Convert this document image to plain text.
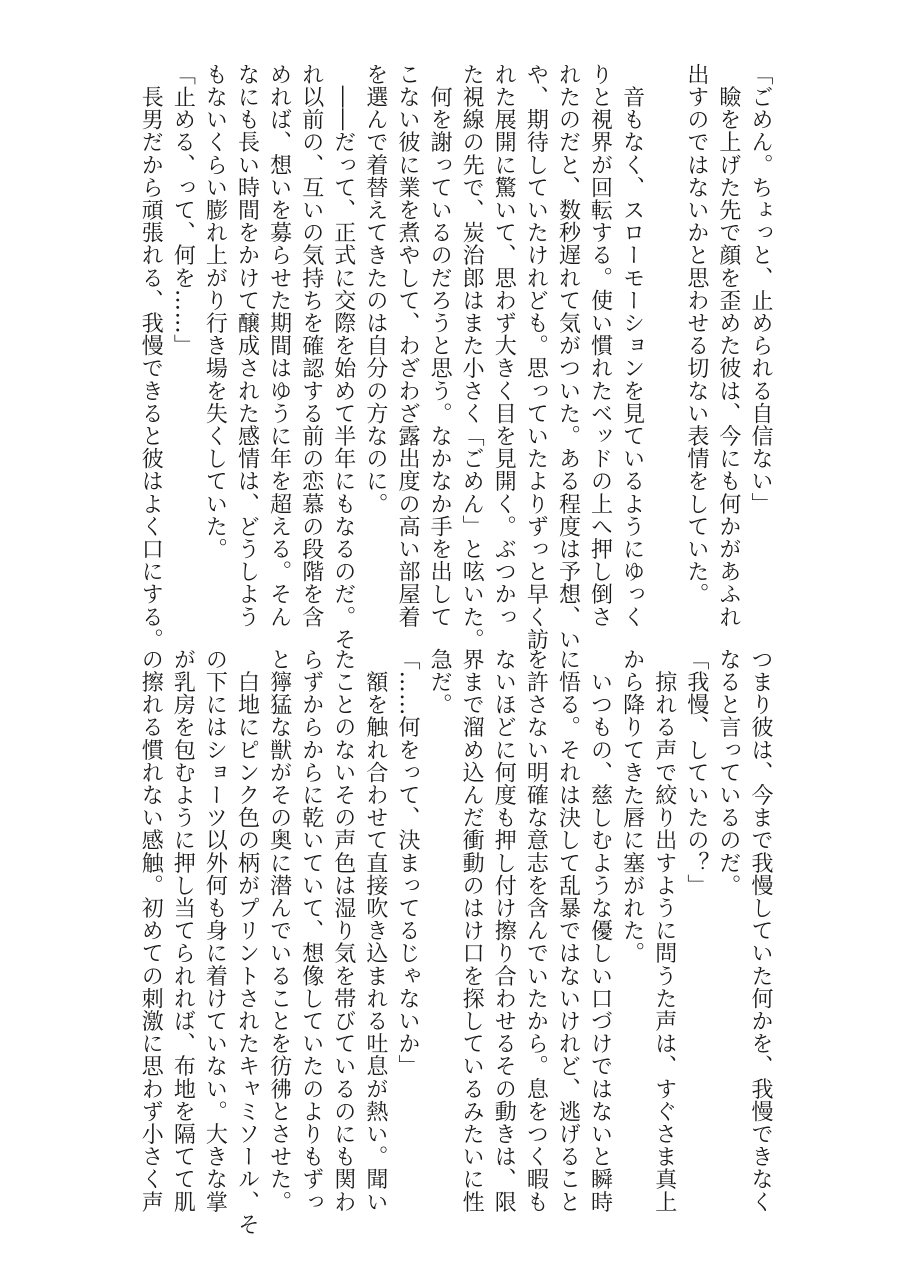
「ごめん。ちょっと、止められる自信ない」
　瞼を上げた先で顔を歪めた彼は、今にも何かがあふれ
出すのではないかと思わせる切ない表情をしていた。
　音もなく、スローモーションを見ているようにゆっく
りと視界が回転する。使い慣れたベッドの上へ押し倒さ
れたのだと、数秒遅れて気がついた。ある程度は予想、い
や、期待していたけれども。思っていたよりずっと早く訪
れた展開に驚いて、思わず大きく目を見開く。ぶつかっ
た視線の先で、炭治郎はまた小さく「ごめん」と呟いた。
　何を謝っているのだろうと思う。なかなか手を出して
こない彼に業を煮やして、わざわざ露出度の高い部屋着
を選んで着替えてきたのは自分の方なのに。
　――だって、正式に交際を始めて半年にもなるのだ。そ
れ以前の、互いの気持ちを確認する前の恋慕の段階を含
めれば、想いを募らせた期間はゆうに年を超える。そん
なにも長い時間をかけて醸成された感情は、どうしよう
もないくらい膨れ上がり行き場を失くしていた。
「止める、って、何を……」
　長男だから頑張れる、我慢できると彼はよく口にする。
つまり彼は、今まで我慢していた何かを、我慢できなく
なると言っているのだ。
「我慢、していたの？」
　掠れる声で絞り出すように問うた声は、すぐさま真上
から降りてきた唇に塞がれた。
　いつもの、慈しむような優しい口づけではないと瞬時
に悟る。それは決して乱暴ではないけれど、逃げること
を許さない明確な意志を含んでいたから。息をつく暇も
ないほどに何度も押し付け擦り合わせるその動きは、限
界まで溜め込んだ衝動のはけ口を探しているみたいに性
急だ。
「……何をって、決まってるじゃないか」
　額を触れ合わせて直接吹き込まれる吐息が熱い。聞い
たことのないその声色は湿り気を帯びているのにも関わ
らずからからに乾いていて、想像していたのよりもずっ
と獰猛な獣がその奥に潜んでいることを彷彿とさせた。
　白地にピンク色の柄がプリントされたキャミソール、そ
の下にはショーツ以外何も身に着けていない。大きな掌
が乳房を包むように押し当てられれば、布地を隔てて肌
の擦れる慣れない感触。初めての刺激に思わず小さく声
